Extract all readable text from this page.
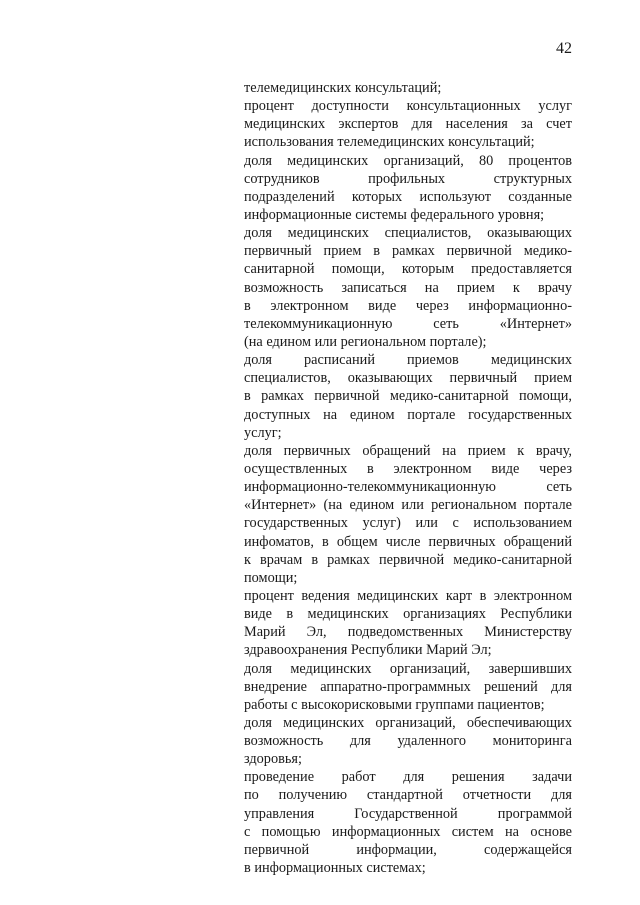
42
телемедицинских консультаций;
процент доступности консультационных услуг
медицинских экспертов для населения за счет
использования телемедицинских консультаций;
доля медицинских организаций, 80 процентов
сотрудников профильных структурных
подразделений которых используют созданные
информационные системы федерального уровня;
доля медицинских специалистов, оказывающих
первичный прием в рамках первичной медико-
санитарной помощи, которым предоставляется
возможность записаться на прием к врачу
в электронном виде через информационно-
телекоммуникационную сеть «Интернет»
(на едином или региональном портале);
доля расписаний приемов медицинских
специалистов, оказывающих первичный прием
в рамках первичной медико-санитарной помощи,
доступных на едином портале государственных
услуг;
доля первичных обращений на прием к врачу,
осуществленных в электронном виде через
информационно-телекоммуникационную сеть
«Интернет» (на едином или региональном портале
государственных услуг) или с использованием
инфоматов, в общем числе первичных обращений
к врачам в рамках первичной медико-санитарной
помощи;
процент ведения медицинских карт в электронном
виде в медицинских организациях Республики
Марий Эл, подведомственных Министерству
здравоохранения Республики Марий Эл;
доля медицинских организаций, завершивших
внедрение аппаратно-программных решений для
работы с высокорисковыми группами пациентов;
доля медицинских организаций, обеспечивающих
возможность для удаленного мониторинга
здоровья;
проведение работ для решения задачи
по получению стандартной отчетности для
управления Государственной программой
с помощью информационных систем на основе
первичной информации, содержащейся
в информационных системах;
